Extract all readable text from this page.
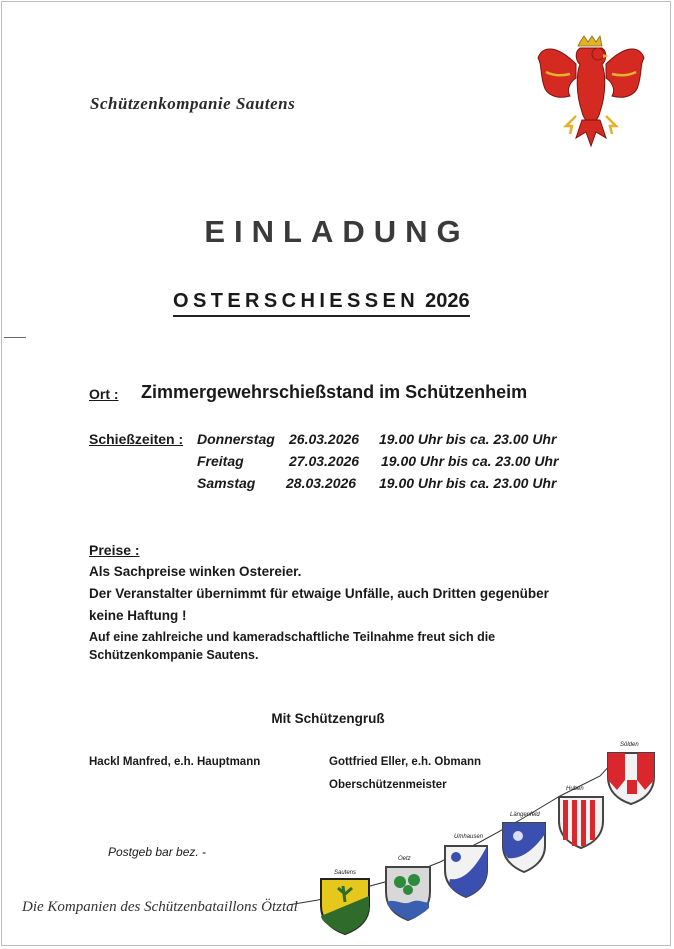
Schützenkompanie Sautens
EINLADUNG
OSTERSCHIESSEN 2026
Ort : Zimmergewehrschießstand im Schützenheim
Schießzeiten : Donnerstag 26.03.2026 19.00 Uhr bis ca. 23.00 Uhr
Freitag	27.03.2026 19.00 Uhr bis ca. 23.00 Uhr
Samstag 28.03.2026 19.00 Uhr bis ca. 23.00 Uhr
Preise :
Als Sachpreise winken Ostereier.
Der Veranstalter übernimmt für etwaige Unfälle, auch Dritten gegenüber
keine Haftung !
Auf eine zahlreiche und kameradschaftliche Teilnahme freut sich die
Schützenkompanie Sautens.
Mit Schützengruß
Hackl Manfred, e.h. Hauptmann	Gottfried Eller, e.h. Obmann
Oberschützenmeister
Postgeb bar bez. -
Die Kompanien des Schützenbataillons Ötztal
Sautens
Oetz
Umhausen
Längenfeld
Huben
Sölden
